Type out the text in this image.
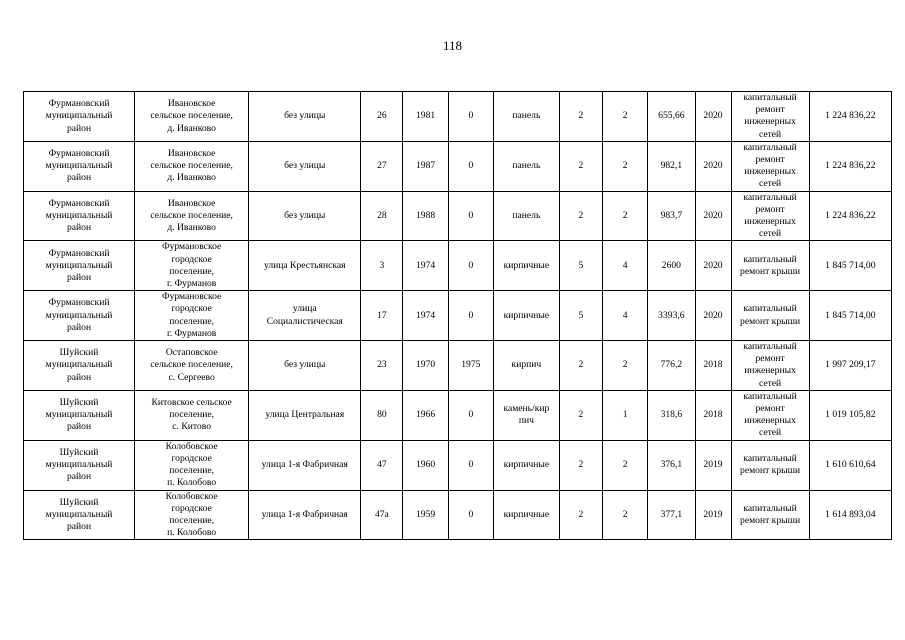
118
Фурмановский
муниципальный
район	Ивановское
сельское поселение,
д. Иванково	без улицы	26	1981	0	панель	2	2	655,66	2020	капитальный
ремонт
инженерных
сетей	1 224 836,22
Фурмановский
муниципальный
район	Ивановское
сельское поселение,
д. Иванково	без улицы	27	1987	0	панель	2	2	982,1	2020	капитальный
ремонт
инженерных
сетей	1 224 836,22
Фурмановский
муниципальный
район	Ивановское
сельское поселение,
д. Иванково	без улицы	28	1988	0	панель	2	2	983,7	2020	капитальный
ремонт
инженерных
сетей	1 224 836,22
Фурмановский
муниципальный
район	Фурмановское
городское
поселение,
г. Фурманов	улица Крестьянская	3	1974	0	кирпичные	5	4	2600	2020	капитальный
ремонт крыши	1 845 714,00
Фурмановский
муниципальный
район	Фурмановское
городское
поселение,
г. Фурманов	улица
Социалистическая	17	1974	0	кирпичные	5	4	3393,6	2020	капитальный
ремонт крыши	1 845 714,00
Шуйский
муниципальный
район	Остаповское
сельское поселение,
с. Сергеево	без улицы	23	1970	1975	кирпич	2	2	776,2	2018	капитальный
ремонт
инженерных
сетей	1 997 209,17
Шуйский
муниципальный
район	Китовское сельское
поселение,
с. Китово	улица Центральная	80	1966	0	камень/кир
пич	2	1	318,6	2018	капитальный
ремонт
инженерных
сетей	1 019 105,82
Шуйский
муниципальный
район	Колобовское
городское
поселение,
п. Колобово	улица 1-я Фабричная	47	1960	0	кирпичные	2	2	376,1	2019	капитальный
ремонт крыши	1 610 610,64
Шуйский
муниципальный
район	Колобовское
городское
поселение,
п. Колобово	улица 1-я Фабричная	47а	1959	0	кирпичные	2	2	377,1	2019	капитальный
ремонт крыши	1 614 893,04
